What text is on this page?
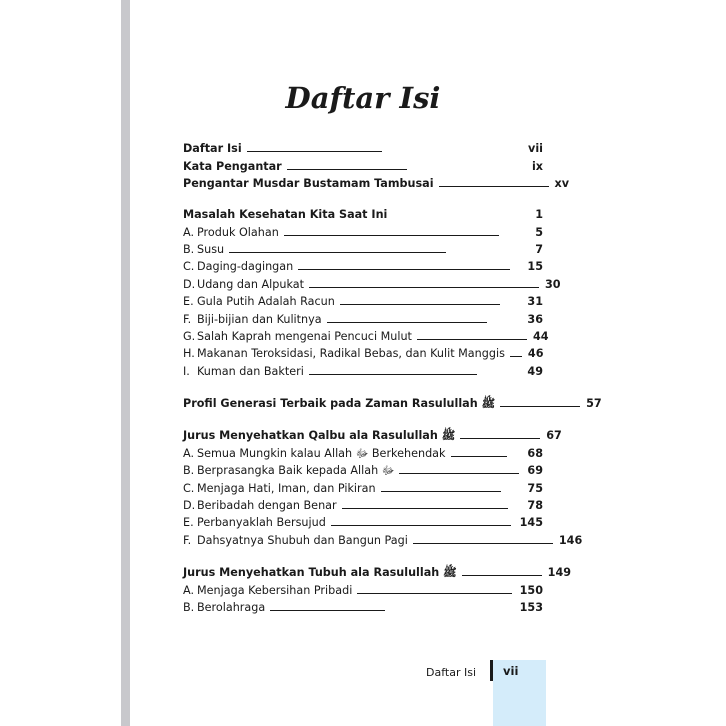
Daftar Isi
Daftar Isi	vii
Kata Pengantar	ix
Pengantar Musdar Bustamam Tambusai	xv
Masalah Kesehatan Kita Saat Ini	1
A. Produk Olahan	5
B. Susu	7
C. Daging-dagingan	15
D. Udang dan Alpukat	30
E. Gula Putih Adalah Racun	31
F. Biji-bijian dan Kulitnya	36
G. Salah Kaprah mengenai Pencuci Mulut	44
H. Makanan Teroksidasi, Radikal Bebas, dan Kulit Manggis 46
I. Kuman dan Bakteri	49
Profil Generasi Terbaik pada Zaman Rasulullah ﷺ	57
Jurus Menyehatkan Qalbu ala Rasulullah ﷺ	67
A. Semua Mungkin kalau Allah ﷻ Berkehendak	68
B. Berprasangka Baik kepada Allah ﷻ	69
C. Menjaga Hati, Iman, dan Pikiran	75
D. Beribadah dengan Benar	78
E. Perbanyaklah Bersujud	145
F. Dahsyatnya Shubuh dan Bangun Pagi	146
Jurus Menyehatkan Tubuh ala Rasulullah ﷺ	149
A. Menjaga Kebersihan Pribadi	150
B. Berolahraga	153
Daftar Isi vii
